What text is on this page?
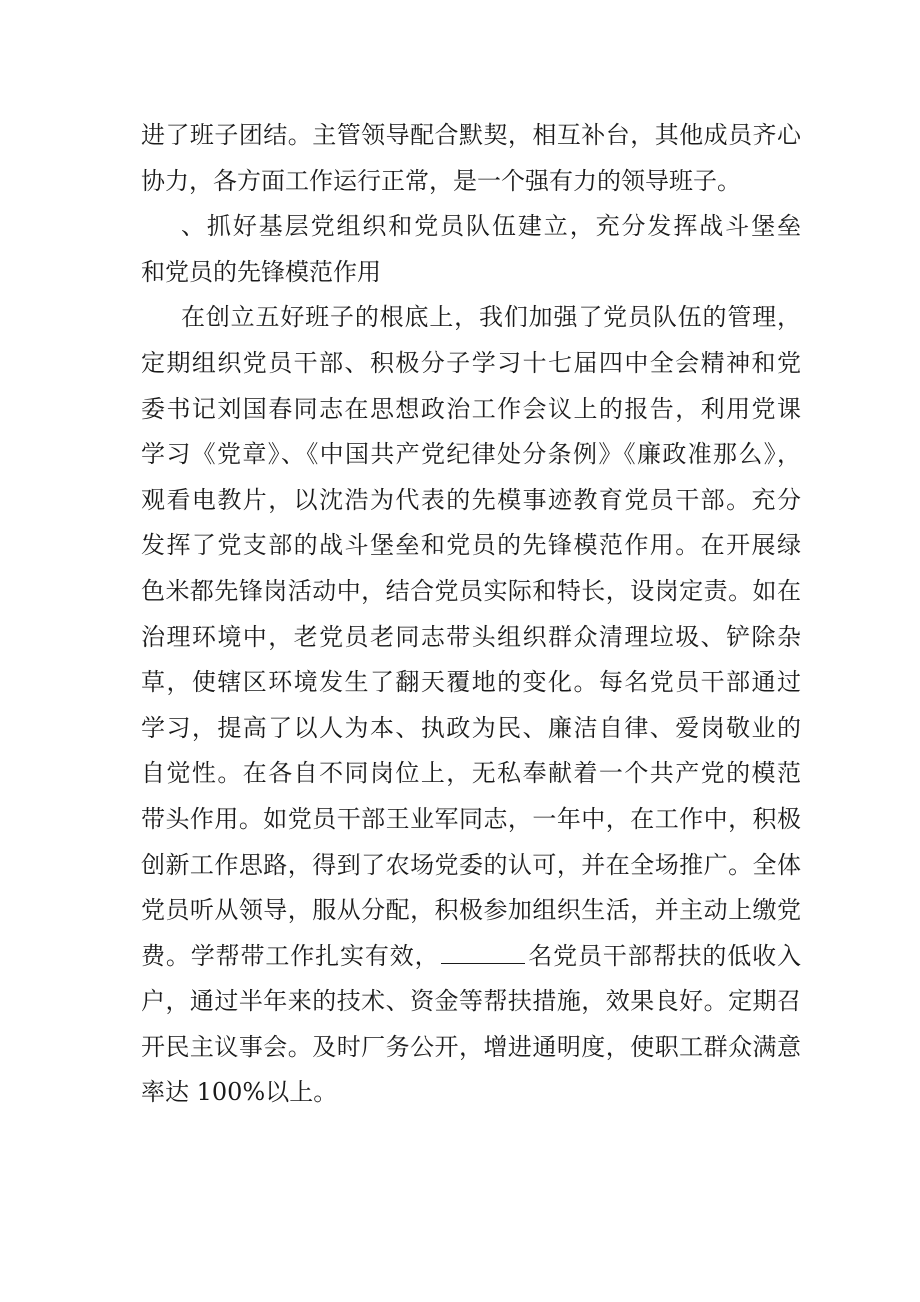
进了班子团结。主管领导配合默契，相互补台，其他成员齐心
协力，各方面工作运行正常，是一个强有力的领导班子。
、抓好基层党组织和党员队伍建立，充分发挥战斗堡垒
和党员的先锋模范作用
在创立五好班子的根底上，我们加强了党员队伍的管理，
定期组织党员干部、积极分子学习十七届四中全会精神和党
委书记刘国春同志在思想政治工作会议上的报告，利用党课
学习《党章》、《中国共产党纪律处分条例》《廉政准那么》，
观看电教片，以沈浩为代表的先模事迹教育党员干部。充分
发挥了党支部的战斗堡垒和党员的先锋模范作用。在开展绿
色米都先锋岗活动中，结合党员实际和特长，设岗定责。如在
治理环境中，老党员老同志带头组织群众清理垃圾、铲除杂
草，使辖区环境发生了翻天覆地的变化。每名党员干部通过
学习，提高了以人为本、执政为民、廉洁自律、爱岗敬业的
自觉性。在各自不同岗位上，无私奉献着一个共产党的模范
带头作用。如党员干部王业军同志，一年中，在工作中，积极
创新工作思路，得到了农场党委的认可，并在全场推广。全体
党员听从领导，服从分配，积极参加组织生活，并主动上缴党
费。学帮带工作扎实有效，	名党员干部帮扶的低收入
户，通过半年来的技术、资金等帮扶措施，效果良好。定期召
开民主议事会。及时厂务公开，增进通明度，使职工群众满意
率达 100%以上。
